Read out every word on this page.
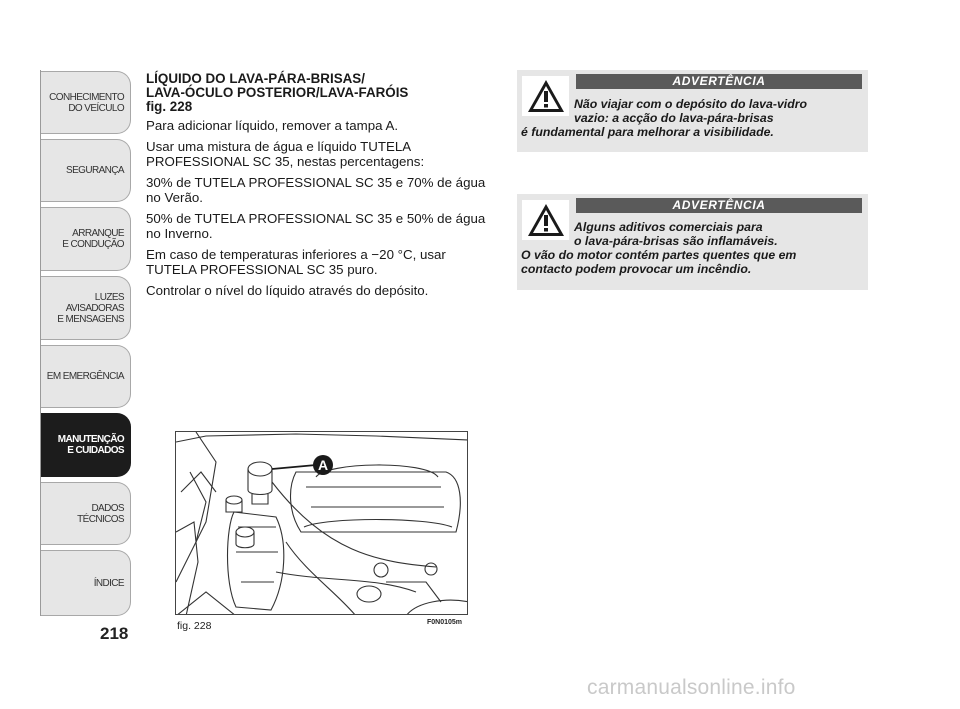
CONHECIMENTO
DO VEÍCULO
SEGURANÇA
ARRANQUE
E CONDUÇÃO
LUZES
AVISADORAS
E MENSAGENS
EM EMERGÊNCIA
MANUTENÇÃO
E CUIDADOS
DADOS
TÉCNICOS
ÍNDICE
218
LÍQUIDO DO LAVA-PÁRA-BRISAS/
LAVA-ÓCULO POSTERIOR/LAVA-FARÓIS
fig. 228

Para adicionar líquido, remover a tampa A.

Usar uma mistura de água e líquido TUTELA PROFESSIONAL SC 35, nestas percentagens:

30% de TUTELA PROFESSIONAL SC 35 e 70% de água no Verão.

50% de TUTELA PROFESSIONAL SC 35 e 50% de água no Inverno.

Em caso de temperaturas inferiores a −20 °C, usar TUTELA PROFESSIONAL SC 35 puro.

Controlar o nível do líquido através do depósito.

ADVERTÊNCIA
Não viajar com o depósito do lava-vidro
vazio: a acção do lava-pára-brisas
é fundamental para melhorar a visibilidade.
ADVERTÊNCIA
Alguns aditivos comerciais para
o lava-pára-brisas são inflamáveis.
O vão do motor contém partes quentes que em
contacto podem provocar um incêndio.
A
fig. 228	F0N0105m
carmanualsonline.info
